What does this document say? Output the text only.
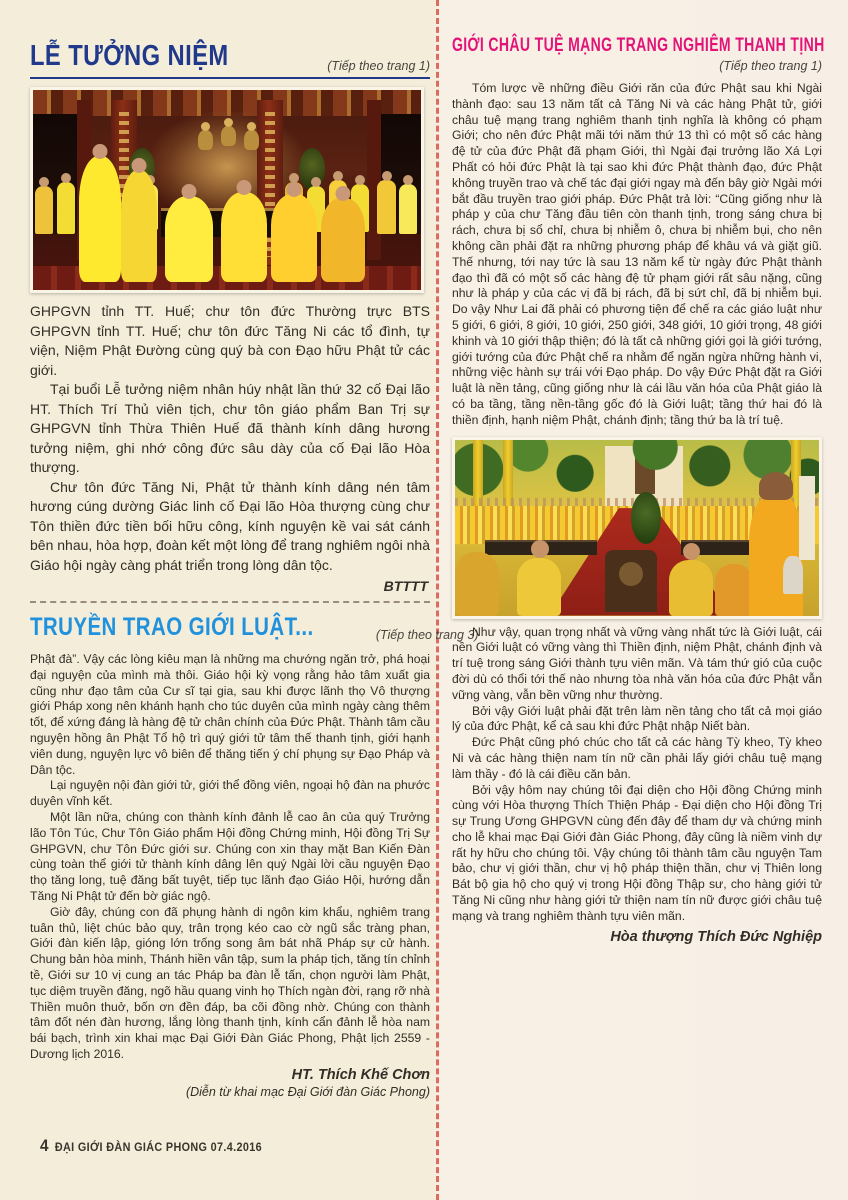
LỄ TƯỞNG NIỆM	(Tiếp theo trang 1)

GHPGVN tỉnh TT. Huế; chư tôn đức Thường trực BTS GHPGVN tỉnh TT. Huế; chư tôn đức Tăng Ni các tổ đình, tự viện, Niệm Phật Đường cùng quý bà con Đạo hữu Phật tử các giới.

Tại buổi Lễ tưởng niệm nhân húy nhật lần thứ 32 cố Đại lão HT. Thích Trí Thủ viên tịch, chư tôn giáo phẩm Ban Trị sự GHPGVN tỉnh Thừa Thiên Huế đã thành kính dâng hương tưởng niệm, ghi nhớ công đức sâu dày của cố Đại lão Hòa thượng.

Chư tôn đức Tăng Ni, Phật tử thành kính dâng nén tâm hương cúng dường Giác linh cố Đại lão Hòa thượng cùng chư Tôn thiền đức tiền bối hữu công, kính nguyện kề vai sát cánh bên nhau, hòa hợp, đoàn kết một lòng để trang nghiêm ngôi nhà Giáo hội ngày càng phát triển trong lòng dân tộc.

BTTTT
TRUYỀN TRAO GIỚI LUẬT...	(Tiếp theo trang 3)

Phật đà”. Vậy các lòng kiêu mạn là những ma chướng ngăn trở, phá hoại đại nguyện của mình mà thôi. Giáo hội kỳ vọng rằng hảo tâm xuất gia cũng như đạo tâm của Cư sĩ tại gia, sau khi được lãnh thọ Vô thượng giới Pháp xong nên khánh hạnh cho túc duyên của mình ngày càng thêm tốt, để xứng đáng là hàng đệ tử chân chính của Đức Phật. Thành tâm cầu nguyện hồng ân Phật Tổ hộ trì quý giới tử tâm thế thanh tịnh, giới hạnh viên dung, nguyện lực vô biên để thăng tiến ý chí phụng sự Đạo Pháp và Dân tộc.

Lại nguyện nội đàn giới tử, giới thể đồng viên, ngoại hộ đàn na phước duyên vĩnh kết.

Một lần nữa, chúng con thành kính đảnh lễ cao ân của quý Trưởng lão Tôn Túc, Chư Tôn Giáo phẩm Hội đồng Chứng minh, Hội đồng Trị Sự GHPGVN, chư Tôn Đức giới sư. Chúng con xin thay mặt Ban Kiến Đàn cùng toàn thể giới tử thành kính dâng lên quý Ngài lời cầu nguyện Đạo thọ tăng long, tuệ đăng bất tuyệt, tiếp tục lãnh đạo Giáo Hội, hướng dẫn Tăng Ni Phật tử đến bờ giác ngộ.

Giờ đây, chúng con đã phụng hành di ngôn kim khẩu, nghiêm trang tuân thủ, liệt chúc bảo quy, trân trọng kéo cao cờ ngũ sắc tràng phan, Giới đàn kiến lập, gióng lớn trống song âm bát nhã Pháp sự cử hành. Chung bản hòa minh, Thánh hiền vân tập, sum la pháp tịch, tăng tín chỉnh tề, Giới sư 10 vị cung an tác Pháp ba đàn lễ tấn, chọn người làm Phật, tục diệm truyền đăng, ngõ hầu quang vinh họ Thích ngàn đời, rạng rỡ nhà Thiền muôn thuở, bốn ơn đền đáp, ba cõi đồng nhờ. Chúng con thành tâm đốt nén đàn hương, lắng lòng thanh tịnh, kính cẩn đảnh lễ hòa nam bái bạch, trình xin khai mạc Đại Giới Đàn Giác Phong, Phật lịch 2559 - Dương lịch 2016.

HT. Thích Khế Chơn
(Diễn từ khai mạc Đại Giới đàn Giác Phong)
GIỚI CHÂU TUỆ MẠNG TRANG NGHIÊM THANH TỊNH
(Tiếp theo trang 1)

Tóm lược về những điều Giới răn của đức Phật sau khi Ngài thành đạo: sau 13 năm tất cả Tăng Ni và các hàng Phật tử, giới châu tuệ mạng trang nghiêm thanh tịnh nghĩa là không có phạm Giới; cho nên đức Phật mãi tới năm thứ 13 thì có một số các hàng đệ tử của đức Phật đã phạm Giới, thì Ngài đại trưởng lão Xá Lợi Phất có hỏi đức Phật là tại sao khi đức Phật thành đạo, đức Phật không truyền trao và chế tác đại giới ngay mà đến bây giờ Ngài mới bắt đầu truyền trao giới pháp. Đức Phật trả lời: “Cũng giống như là pháp y của chư Tăng đầu tiên còn thanh tịnh, trong sáng chưa bị rách, chưa bị sổ chỉ, chưa bị nhiễm ô, chưa bị nhiễm bụi, cho nên không cần phải đặt ra những phương pháp để khâu vá và giặt giũ. Thế nhưng, tới nay tức là sau 13 năm kể từ ngày đức Phật thành đạo thì đã có một số các hàng đệ tử phạm giới rất sâu nặng, cũng như là pháp y của các vị đã bị rách, đã bị sứt chỉ, đã bị nhiễm bụi. Do vậy Như Lai đã phải có phương tiện để chế ra các giáo luật như 5 giới, 6 giới, 8 giới, 10 giới, 250 giới, 348 giới, 10 giới trọng, 48 giới khinh và 10 giới thập thiện; đó là tất cả những giới gọi là giới tướng, giới tướng của đức Phật chế ra nhằm để ngăn ngừa những hành vi, những việc hành sự trái với Đạo pháp. Do vậy Đức Phật đặt ra Giới luật là nền tảng, cũng giống như là cái lầu văn hóa của Phật giáo là có ba tầng, tầng nền-tầng gốc đó là Giới luật; tầng thứ hai đó là thiền định, hạnh niệm Phật, chánh định; tầng thứ ba là trí tuệ.

Như vậy, quan trọng nhất và vững vàng nhất tức là Giới luật, cái nền Giới luật có vững vàng thì Thiền định, niệm Phật, chánh định và trí tuệ trong sáng Giới thành tựu viên mãn. Và tám thứ gió của cuộc đời dù có thổi tới thế nào nhưng tòa nhà văn hóa của đức Phật vẫn vững vàng, vẫn bền vững như thường.

Bởi vậy Giới luật phải đặt trên làm nền tảng cho tất cả mọi giáo lý của đức Phật, kể cả sau khi đức Phật nhập Niết bàn.

Đức Phật cũng phó chúc cho tất cả các hàng Tỳ kheo, Tỳ kheo Ni và các hàng thiện nam tín nữ cần phải lấy giới châu tuệ mạng làm thầy - đó là cái điều căn bản.

Bởi vậy hôm nay chúng tôi đại diện cho Hội đồng Chứng minh cùng với Hòa thượng Thích Thiện Pháp - Đại diện cho Hội đồng Trị sự Trung Ương GHPGVN cùng đến đây để tham dự và chứng minh cho lễ khai mạc Đại Giới đàn Giác Phong, đây cũng là niềm vinh dự rất hy hữu cho chúng tôi. Vậy chúng tôi thành tâm cầu nguyện Tam bảo, chư vị giới thần, chư vị hộ pháp thiện thần, chư vị Thiên long Bát bộ gia hộ cho quý vị trong Hội đồng Thập sư, cho hàng giới tử Tăng Ni cũng như hàng giới tử thiện nam tín nữ được giới châu tuệ mạng và trang nghiêm thành tựu viên mãn.

Hòa thượng Thích Đức Nghiệp
4 ĐẠI GIỚI ĐÀN GIÁC PHONG 07.4.2016
